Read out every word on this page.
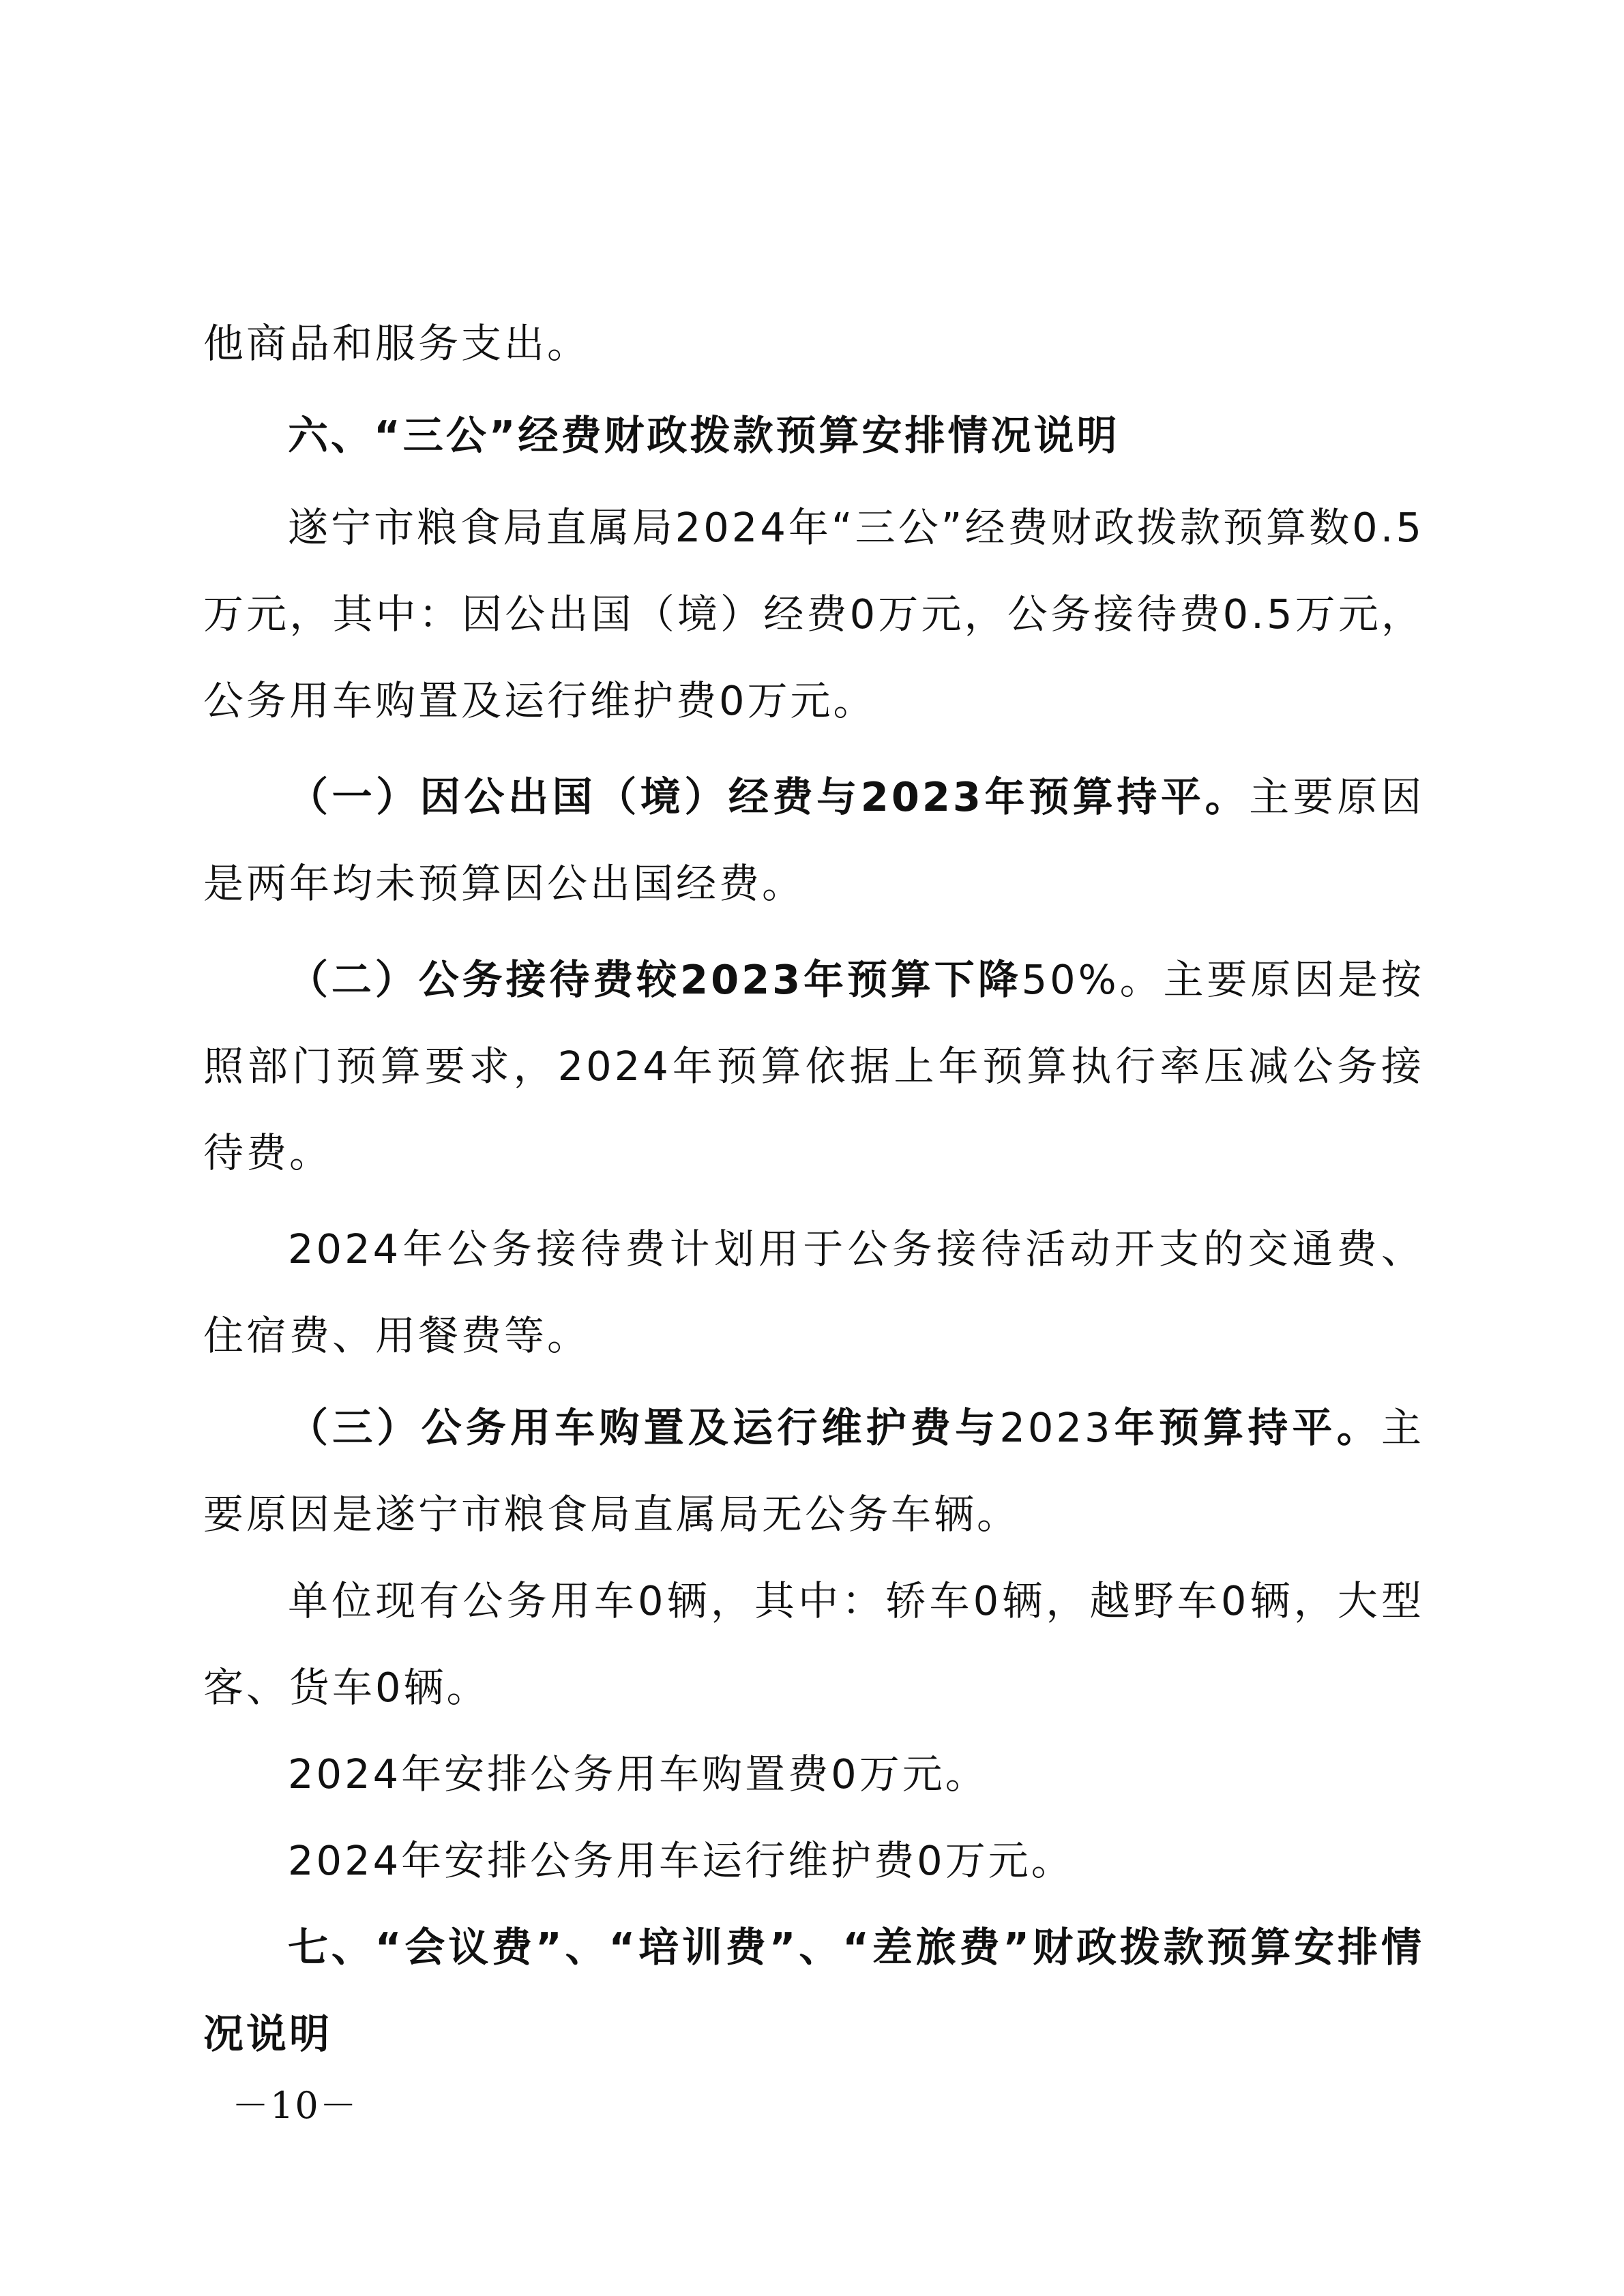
他商品和服务支出。

六、“三公”经费财政拨款预算安排情况说明

遂宁市粮食局直属局2024年“三公”经费财政拨款预算数0.5万元，其中：因公出国（境）经费0万元，公务接待费0.5万元，公务用车购置及运行维护费0万元。

（一）因公出国（境）经费与2023年预算持平。主要原因是两年均未预算因公出国经费。

（二）公务接待费较2023年预算下降50%。主要原因是按照部门预算要求，2024年预算依据上年预算执行率压减公务接待费。

2024年公务接待费计划用于公务接待活动开支的交通费、住宿费、用餐费等。

（三）公务用车购置及运行维护费与2023年预算持平。主要原因是遂宁市粮食局直属局无公务车辆。

单位现有公务用车0辆，其中：轿车0辆，越野车0辆，大型客、货车0辆。

2024年安排公务用车购置费0万元。

2024年安排公务用车运行维护费0万元。

七、“会议费”、“培训费”、“差旅费”财政拨款预算安排情况说明

－10－
